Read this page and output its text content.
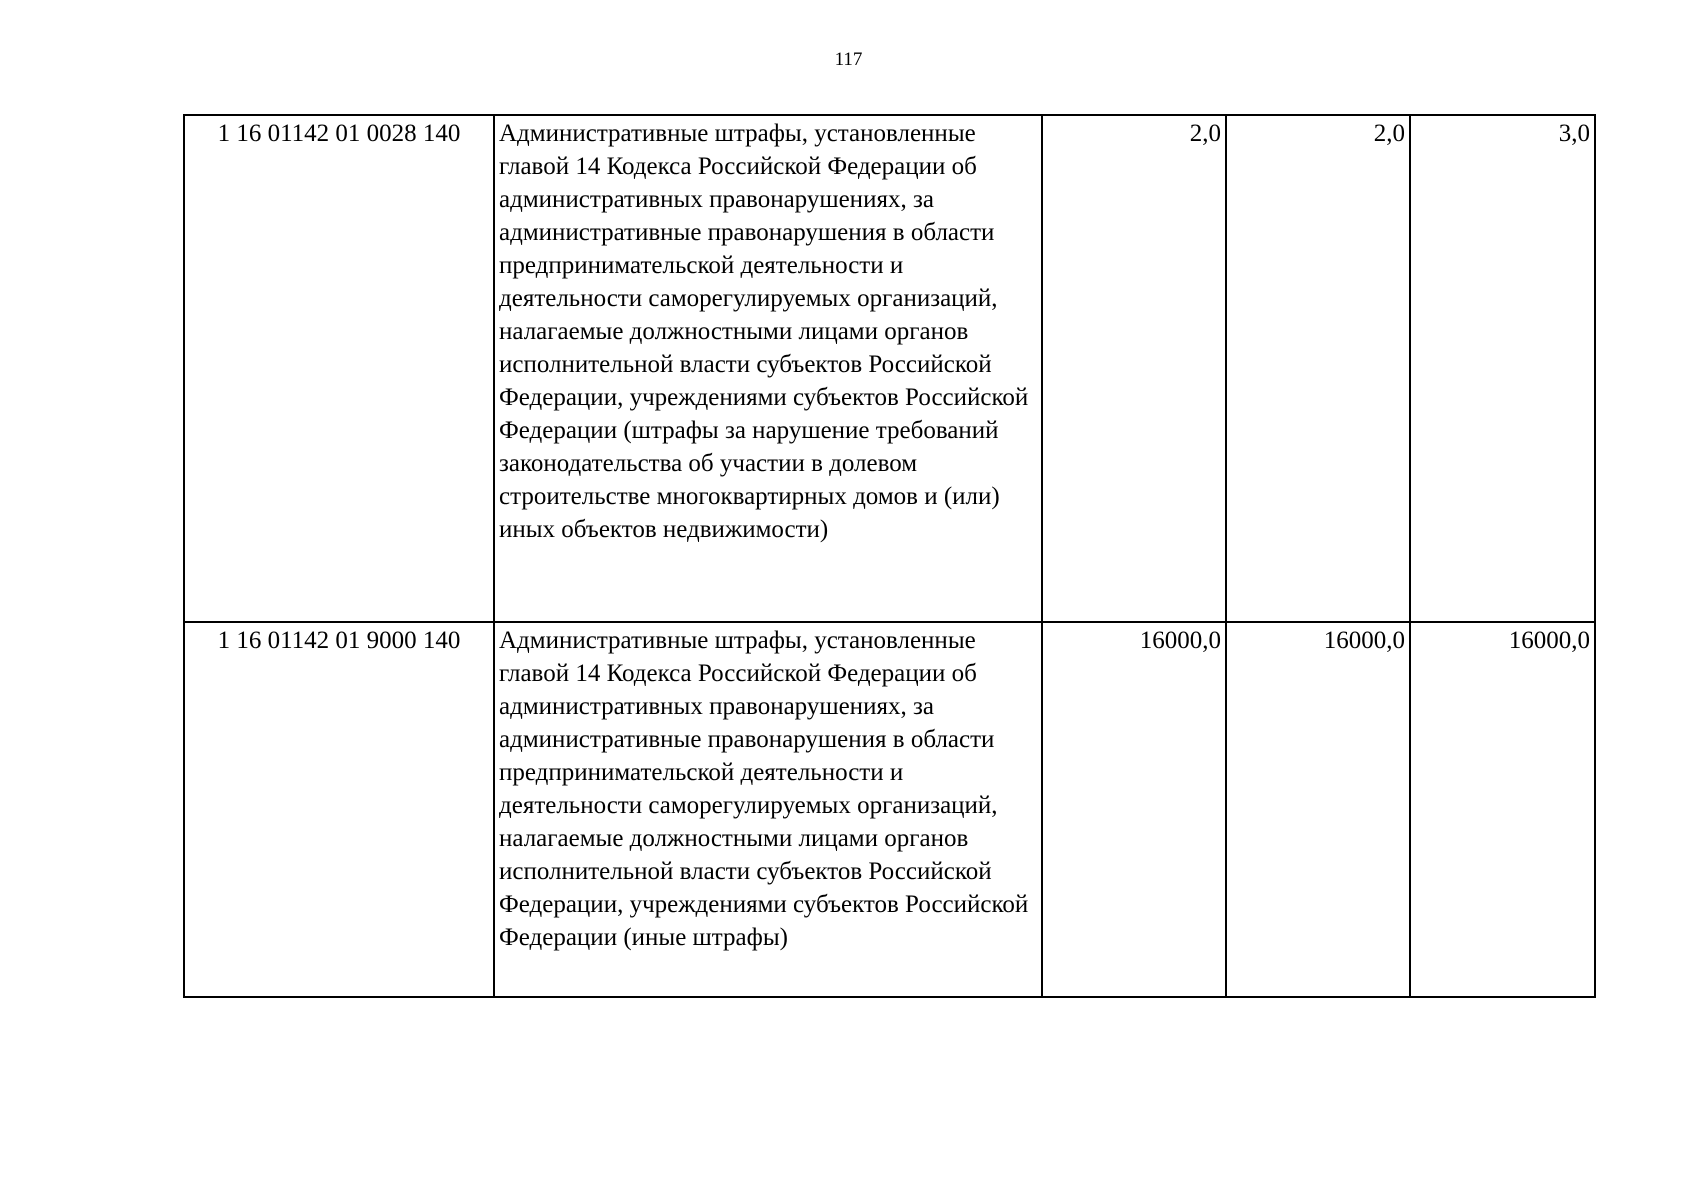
117
1 16 01142 01 0028 140	Административные штрафы, установленные главой 14 Кодекса Российской Федерации об административных правонарушениях, за административные правонарушения в области предпринимательской деятельности и деятельности саморегулируемых организаций, налагаемые должностными лицами органов исполнительной власти субъектов Российской Федерации, учреждениями субъектов Российской Федерации (штрафы за нарушение требований законодательства об участии в долевом строительстве многоквартирных домов и (или) иных объектов недвижимости)	2,0	2,0	3,0
1 16 01142 01 9000 140	Административные штрафы, установленные главой 14 Кодекса Российской Федерации об административных правонарушениях, за административные правонарушения в области предпринимательской деятельности и деятельности саморегулируемых организаций, налагаемые должностными лицами органов исполнительной власти субъектов Российской Федерации, учреждениями субъектов Российской Федерации (иные штрафы)	16000,0	16000,0	16000,0
